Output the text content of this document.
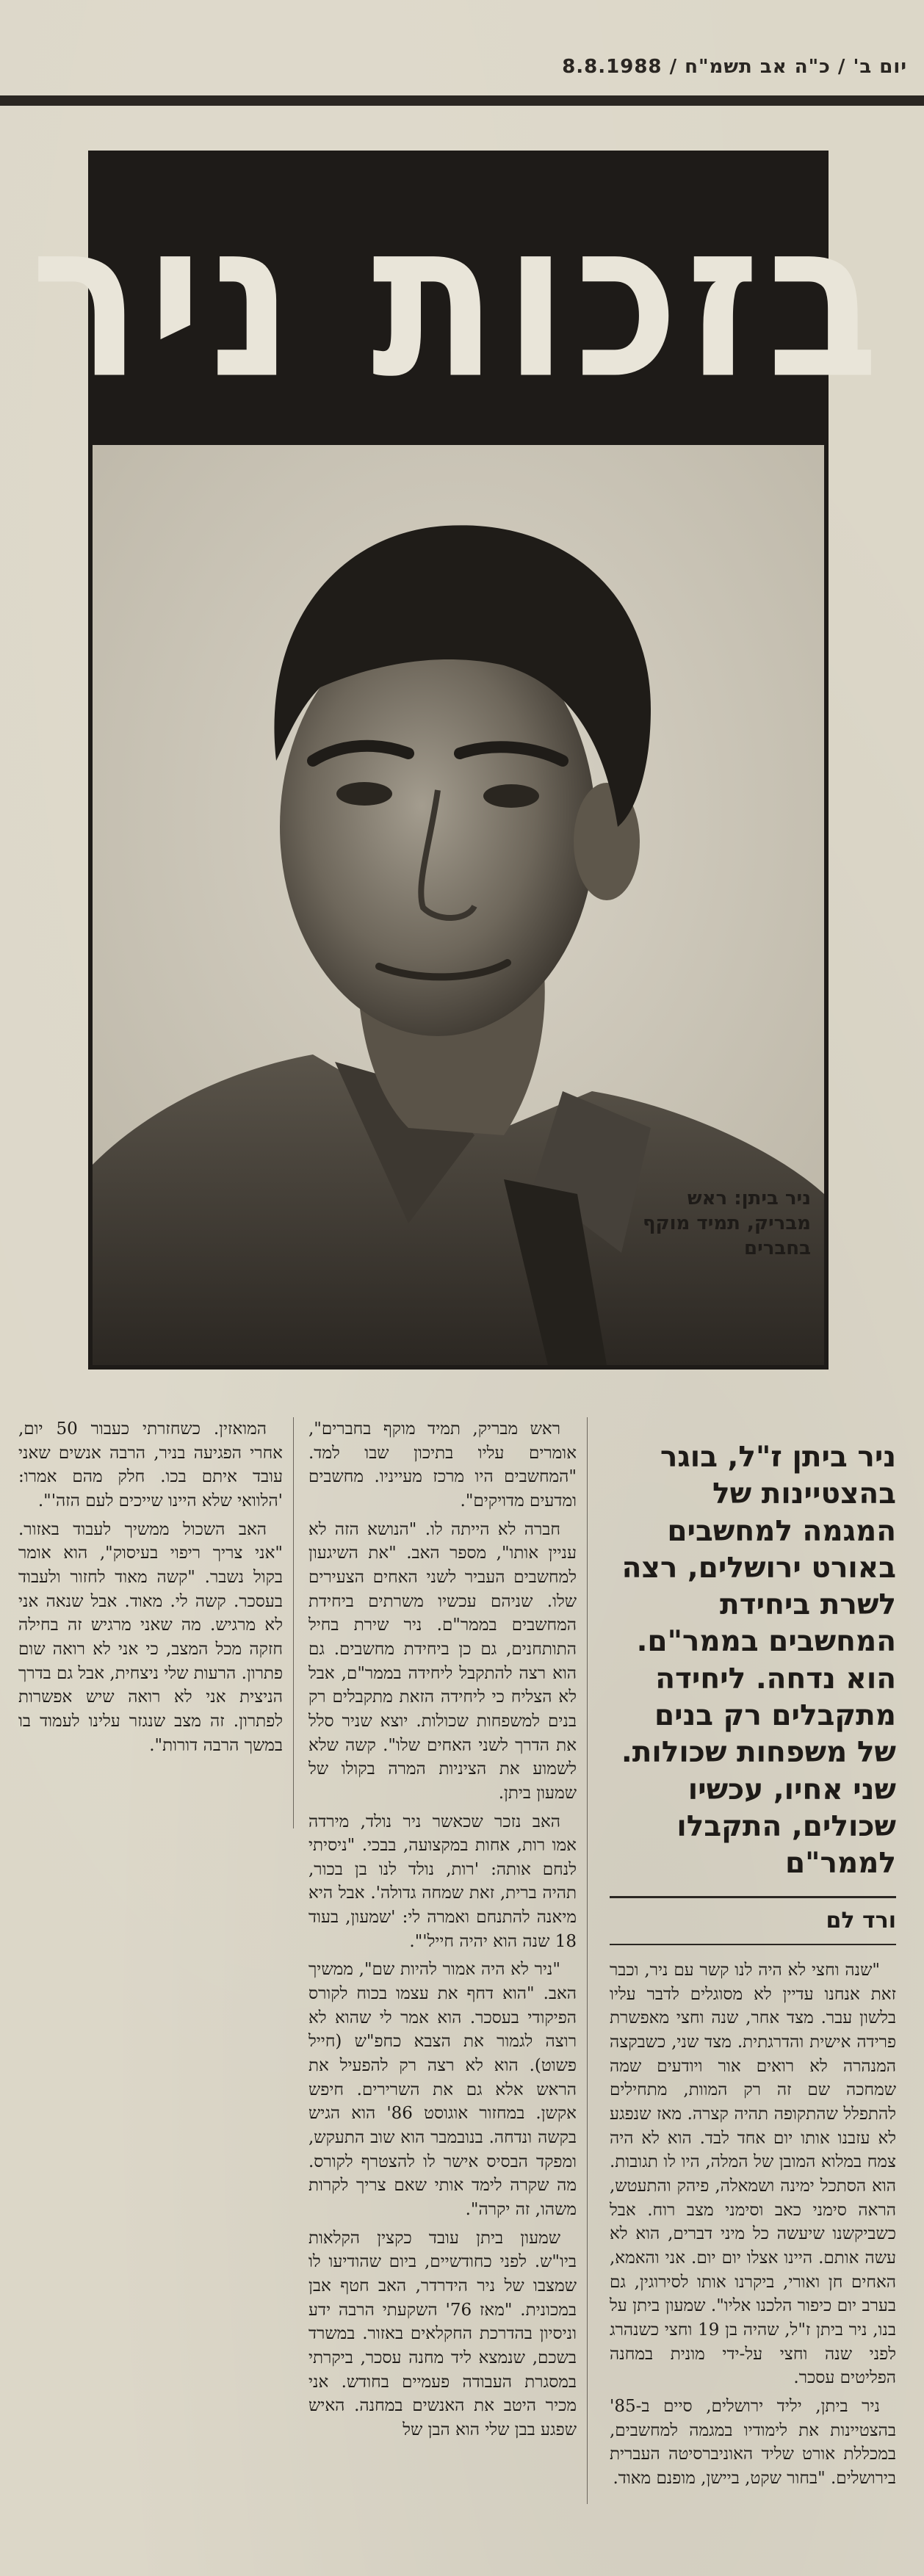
יום ב' / כ"ה אב תשמ"ח / 8.8.1988
בזכות ניר
ניר ביתן: ראש מבריק, תמיד מוקף בחברים
ניר ביתן ז"ל, בוגר בהצטיינות של המגמה למחשבים באורט ירושלים, רצה לשרת ביחידת המחשבים בממר"ם. הוא נדחה. ליחידה מתקבלים רק בנים של משפחות שכולות. שני אחיו, עכשיו שכולים, התקבלו לממר"ם
ורד לם

"שנה וחצי לא היה לנו קשר עם ניר, וכבר זאת אנחנו עדיין לא מסוגלים לדבר עליו בלשון עבר. מצד אחר, שנה וחצי מאפשרת פרידה אישית והדרגתית. מצד שני, כשבקצה המנהרה לא רואים אור ויודעים שמה שמחכה שם זה רק המוות, מתחילים להתפלל שהתקופה תהיה קצרה. מאז שנפגע לא עזבנו אותו יום אחד לבד. הוא לא היה צמח במלוא המובן של המלה, היו לו תגובות. הוא הסתכל ימינה ושמאלה, פיהק והתעטש, הראה סימני כאב וסימני מצב רוח. אבל כשביקשנו שיעשה כל מיני דברים, הוא לא עשה אותם. היינו אצלו יום יום. אני והאמא, האחים חן ואורי, ביקרנו אותו לסירוגין, גם בערב יום כיפור הלכנו אליו". שמעון ביתן על בנו, ניר ביתן ז"ל, שהיה בן 19 וחצי כשנהרג לפני שנה וחצי על-ידי מונית במחנה הפליטים עסכר.

ניר ביתן, יליד ירושלים, סיים ב-85' בהצטיינות את לימודיו במגמה למחשבים, במכללת אורט שליד האוניברסיטה העברית בירושלים. "בחור שקט, ביישן, מופנם מאוד.

ראש מבריק, תמיד מוקף בחברים", אומרים עליו בתיכון שבו למד. "המחשבים היו מרכז מעייניו. מחשבים ומדעים מדויקים".

חברה לא הייתה לו. "הנושא הזה לא עניין אותו", מספר האב. "את השיגעון למחשבים העביר לשני האחים הצעירים שלו. שניהם עכשיו משרתים ביחידת המחשבים בממר"ם. ניר שירת בחיל התותחנים, גם כן ביחידת מחשבים. גם הוא רצה להתקבל ליחידה בממר"ם, אבל לא הצליח כי ליחידה הזאת מתקבלים רק בנים למשפחות שכולות. יוצא שניר סלל את הדרך לשני האחים שלו". קשה שלא לשמוע את הציניות המרה בקולו של שמעון ביתן.

האב נזכר שכאשר ניר נולד, מירדה אמו רות, אחות במקצועה, בבכי. "ניסיתי לנחם אותה: 'רות, נולד לנו בן בכור, תהיה ברית, זאת שמחה גדולה'. אבל היא מיאנה להתנחם ואמרה לי: 'שמעון, בעוד 18 שנה הוא יהיה חייל'".

"ניר לא היה אמור להיות שם", ממשיך האב. "הוא דחף את עצמו בכוח לקורס הפיקודי בעסכר. הוא אמר לי שהוא לא רוצה לגמור את הצבא כחפ"ש (חייל פשוט). הוא לא רצה רק להפעיל את הראש אלא גם את השרירים. חיפש אקשן. במחזור אוגוסט 86' הוא הגיש בקשה ונדחה. בנובמבר הוא שוב התעקש, ומפקד הבסיס אישר לו להצטרף לקורס. מה שקרה לימד אותי שאם צריך לקרות משהו, זה יקרה".

שמעון ביתן עובד כקצין הקלאות ביו"ש. לפני כחודשיים, ביום שהודיעו לו שמצבו של ניר הידרדר, האב חטף אבן במכונית. "מאז 76' השקעתי הרבה ידע וניסיון בהדרכת החקלאים באזור. במשרד בשכם, שנמצא ליד מחנה עסכר, ביקרתי במסגרת העבודה פעמיים בחודש. אני מכיר היטב את האנשים במחנה. האיש שפגע בבן שלי הוא הבן של

המואזין. כשחזרתי כעבור 50 יום, אחרי הפגיעה בניר, הרבה אנשים שאני עובד איתם בכו. חלק מהם אמרו: 'הלוואי שלא היינו שייכים לעם הזה'".

האב השכול ממשיך לעבוד באזור. "אני צריך ריפוי בעיסוק", הוא אומר בקול נשבר. "קשה מאוד לחזור ולעבוד בעסכר. קשה לי. מאוד. אבל שנאה אני לא מרגיש. מה שאני מרגיש זה בחילה חזקה מכל המצב, כי אני לא רואה שום פתרון. הרעות שלי ניצחית, אבל גם בדרך הניצית אני לא רואה שיש אפשרות לפתרון. זה מצב שנגזר עלינו לעמוד בו במשך הרבה דורות".
